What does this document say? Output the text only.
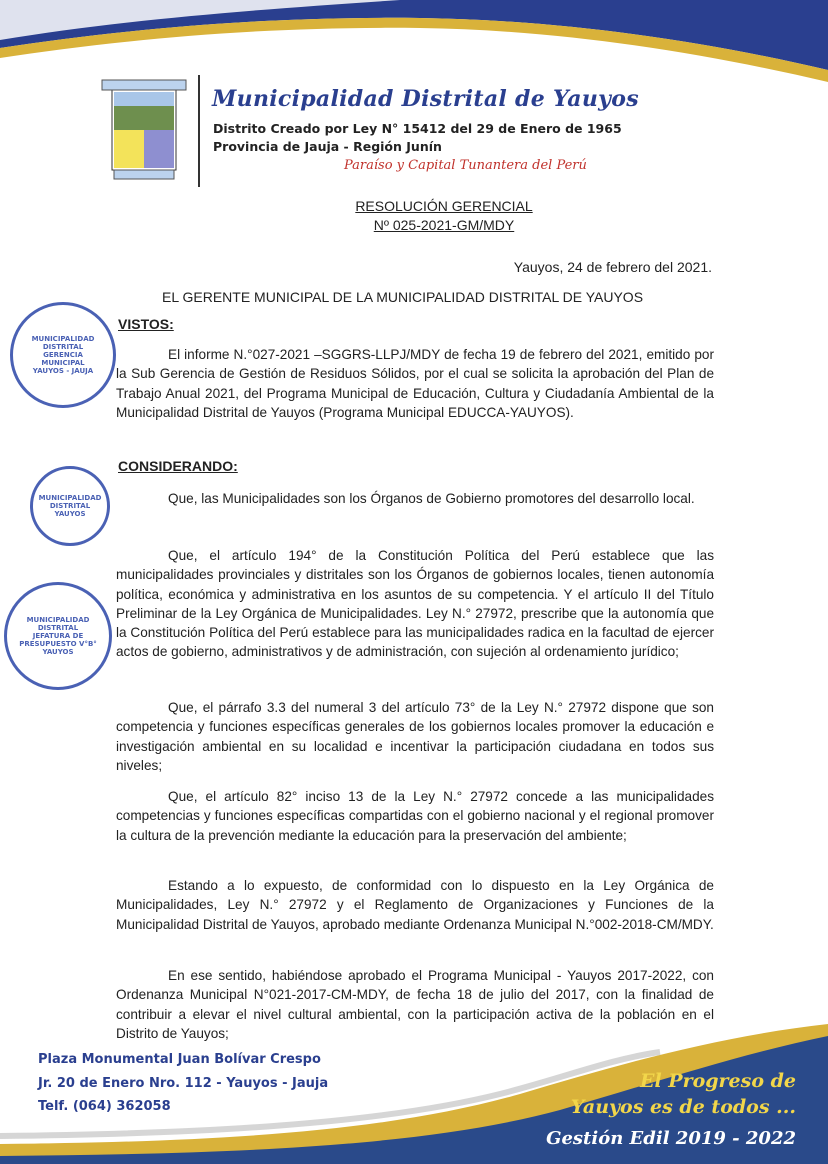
Municipalidad Distrital de Yauyos
Distrito Creado por Ley N° 15412 del 29 de Enero de 1965
Provincia de Jauja - Región Junín
Paraíso y Capital Tunantera del Perú
RESOLUCIÓN GERENCIAL
Nº 025-2021-GM/MDY
Yauyos, 24 de febrero del 2021.
EL GERENTE MUNICIPAL DE LA MUNICIPALIDAD DISTRITAL DE YAUYOS
VISTOS:
El informe N.°027-2021 –SGGRS-LLPJ/MDY de fecha 19 de febrero del 2021, emitido por la Sub Gerencia de Gestión de Residuos Sólidos, por el cual se solicita la aprobación del Plan de Trabajo Anual 2021, del Programa Municipal de Educación, Cultura y Ciudadanía Ambiental de la Municipalidad Distrital de Yauyos (Programa Municipal EDUCCA-YAUYOS).
CONSIDERANDO:
Que, las Municipalidades son los Órganos de Gobierno promotores del desarrollo local.
Que, el artículo 194° de la Constitución Política del Perú establece que las municipalidades provinciales y distritales son los Órganos de gobiernos locales, tienen autonomía política, económica y administrativa en los asuntos de su competencia. Y el artículo II del Título Preliminar de la Ley Orgánica de Municipalidades. Ley N.° 27972, prescribe que la autonomía que la Constitución Política del Perú establece para las municipalidades radica en la facultad de ejercer actos de gobierno, administrativos y de administración, con sujeción al ordenamiento jurídico;
Que, el párrafo 3.3 del numeral 3 del artículo 73° de la Ley N.° 27972 dispone que son competencia y funciones específicas generales de los gobiernos locales promover la educación e investigación ambiental en su localidad e incentivar la participación ciudadana en todos sus niveles;
Que, el artículo 82° inciso 13 de la Ley N.° 27972 concede a las municipalidades competencias y funciones específicas compartidas con el gobierno nacional y el regional promover la cultura de la prevención mediante la educación para la preservación del ambiente;
Estando a lo expuesto, de conformidad con lo dispuesto en la Ley Orgánica de Municipalidades, Ley N.° 27972 y el Reglamento de Organizaciones y Funciones de la Municipalidad Distrital de Yauyos, aprobado mediante Ordenanza Municipal N.°002-2018-CM/MDY.
En ese sentido, habiéndose aprobado el Programa Municipal - Yauyos 2017-2022, con Ordenanza Municipal N°021-2017-CM-MDY, de fecha 18 de julio del 2017, con la finalidad de contribuir a elevar el nivel cultural ambiental, con la participación activa de la población en el Distrito de Yauyos;
MUNICIPALIDAD DISTRITAL
GERENCIA
MUNICIPAL
YAUYOS - JAUJA
MUNICIPALIDAD
DISTRITAL
YAUYOS
MUNICIPALIDAD DISTRITAL
JEFATURA DE
PRESUPUESTO V°B°
YAUYOS
Plaza Monumental Juan Bolívar Crespo
Jr. 20 de Enero Nro. 112 - Yauyos - Jauja
Telf. (064) 362058
El Progreso de
Yauyos es de todos ...
Gestión Edil 2019 - 2022
